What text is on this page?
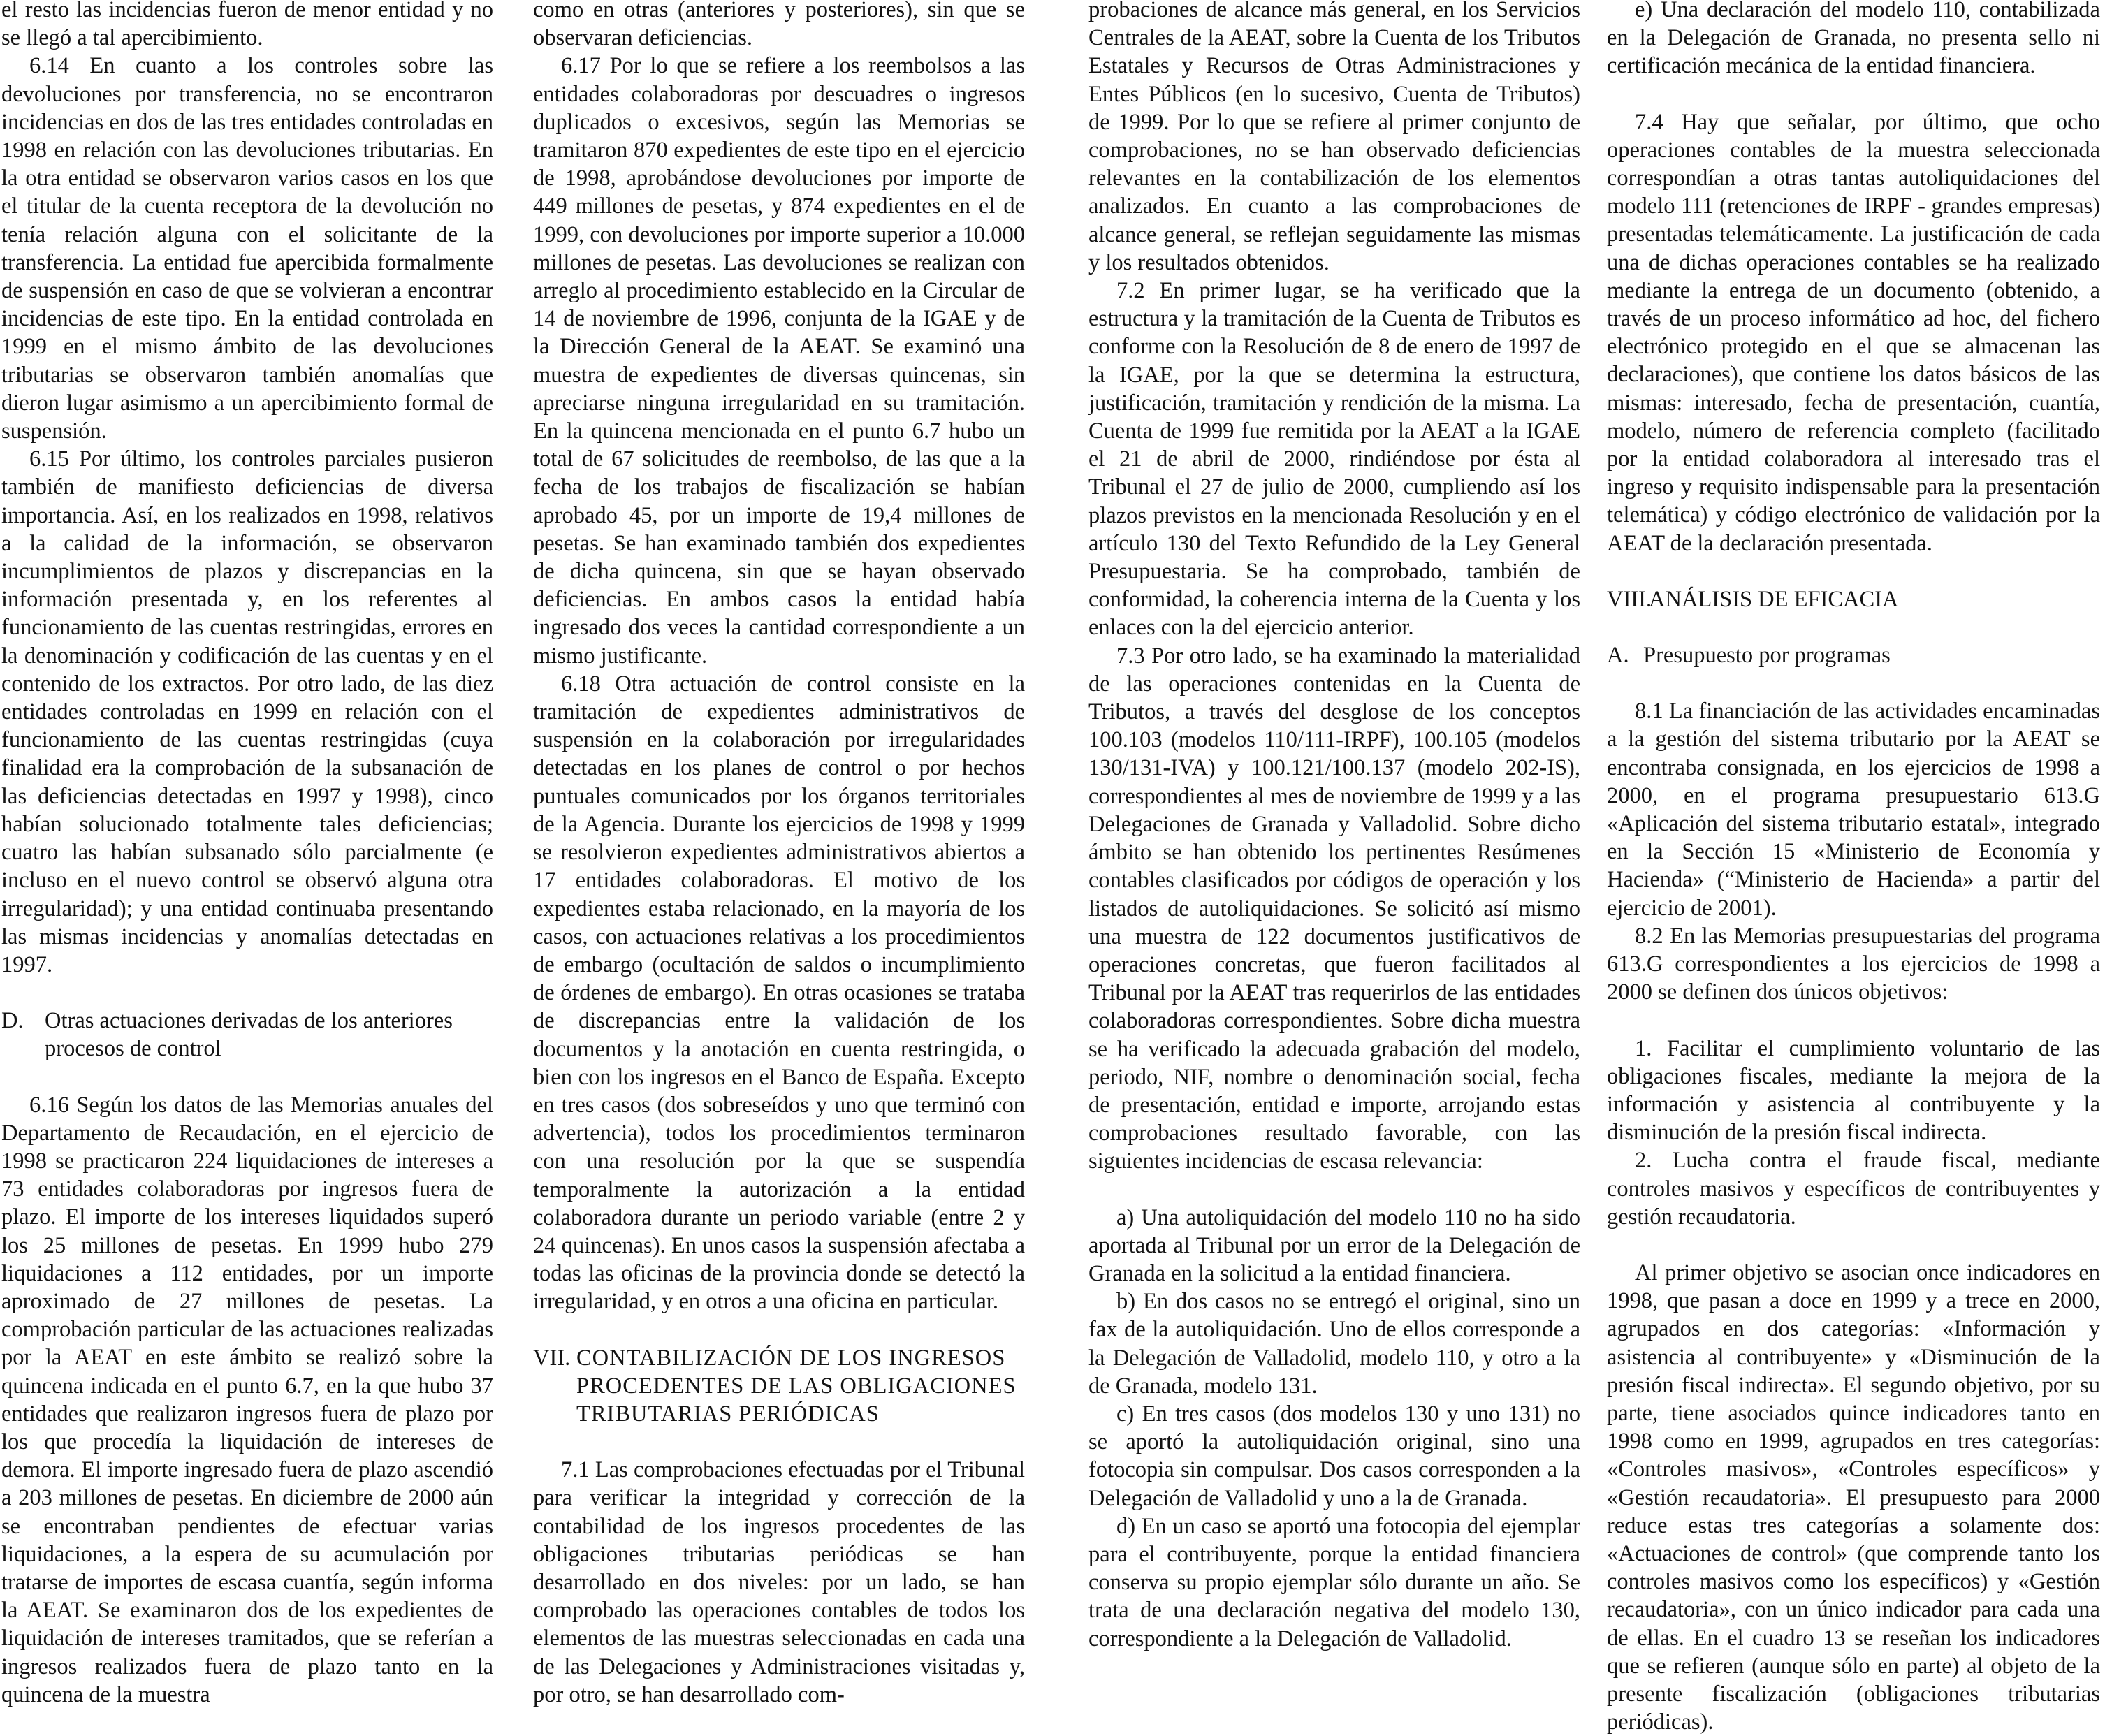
el resto las incidencias fueron de menor entidad y no se llegó a tal apercibimiento.

6.14 En cuanto a los controles sobre las devoluciones por transferencia, no se encontraron incidencias en dos de las tres entidades controladas en 1998 en relación con las devoluciones tributarias. En la otra entidad se observaron varios casos en los que el titular de la cuenta receptora de la devolución no tenía relación alguna con el solicitante de la transferencia. La entidad fue apercibida formalmente de suspensión en caso de que se volvieran a encontrar incidencias de este tipo. En la entidad controlada en 1999 en el mismo ámbito de las devoluciones tributarias se observaron también anomalías que dieron lugar asimismo a un apercibimiento formal de suspensión.

6.15 Por último, los controles parciales pusieron también de manifiesto deficiencias de diversa importancia. Así, en los realizados en 1998, relativos a la calidad de la información, se observaron incumplimientos de plazos y discrepancias en la información presentada y, en los referentes al funcionamiento de las cuentas restringidas, errores en la denominación y codificación de las cuentas y en el contenido de los extractos. Por otro lado, de las diez entidades controladas en 1999 en relación con el funcionamiento de las cuentas restringidas (cuya finalidad era la comprobación de la subsanación de las deficiencias detectadas en 1997 y 1998), cinco habían solucionado totalmente tales deficiencias; cuatro las habían subsanado sólo parcialmente (e incluso en el nuevo control se observó alguna otra irregularidad); y una entidad continuaba presentando las mismas incidencias y anomalías detectadas en 1997.

D. Otras actuaciones derivadas de los anteriores procesos de control

6.16 Según los datos de las Memorias anuales del Departamento de Recaudación, en el ejercicio de 1998 se practicaron 224 liquidaciones de intereses a 73 entidades colaboradoras por ingresos fuera de plazo. El importe de los intereses liquidados superó los 25 millones de pesetas. En 1999 hubo 279 liquidaciones a 112 entidades, por un importe aproximado de 27 millones de pesetas. La comprobación particular de las actuaciones realizadas por la AEAT en este ámbito se realizó sobre la quincena indicada en el punto 6.7, en la que hubo 37 entidades que realizaron ingresos fuera de plazo por los que procedía la liquidación de intereses de demora. El importe ingresado fuera de plazo ascendió a 203 millones de pesetas. En diciembre de 2000 aún se encontraban pendientes de efectuar varias liquidaciones, a la espera de su acumulación por tratarse de importes de escasa cuantía, según informa la AEAT. Se examinaron dos de los expedientes de liquidación de intereses tramitados, que se referían a ingresos realizados fuera de plazo tanto en la quincena de la muestra

como en otras (anteriores y posteriores), sin que se observaran deficiencias.

6.17 Por lo que se refiere a los reembolsos a las entidades colaboradoras por descuadres o ingresos duplicados o excesivos, según las Memorias se tramitaron 870 expedientes de este tipo en el ejercicio de 1998, aprobándose devoluciones por importe de 449 millones de pesetas, y 874 expedientes en el de 1999, con devoluciones por importe superior a 10.000 millones de pesetas. Las devoluciones se realizan con arreglo al procedimiento establecido en la Circular de 14 de noviembre de 1996, conjunta de la IGAE y de la Dirección General de la AEAT. Se examinó una muestra de expedientes de diversas quincenas, sin apreciarse ninguna irregularidad en su tramitación. En la quincena mencionada en el punto 6.7 hubo un total de 67 solicitudes de reembolso, de las que a la fecha de los trabajos de fiscalización se habían aprobado 45, por un importe de 19,4 millones de pesetas. Se han examinado también dos expedientes de dicha quincena, sin que se hayan observado deficiencias. En ambos casos la entidad había ingresado dos veces la cantidad correspondiente a un mismo justificante.

6.18 Otra actuación de control consiste en la tramitación de expedientes administrativos de suspensión en la colaboración por irregularidades detectadas en los planes de control o por hechos puntuales comunicados por los órganos territoriales de la Agencia. Durante los ejercicios de 1998 y 1999 se resolvieron expedientes administrativos abiertos a 17 entidades colaboradoras. El motivo de los expedientes estaba relacionado, en la mayoría de los casos, con actuaciones relativas a los procedimientos de embargo (ocultación de saldos o incumplimiento de órdenes de embargo). En otras ocasiones se trataba de discrepancias entre la validación de los documentos y la anotación en cuenta restringida, o bien con los ingresos en el Banco de España. Excepto en tres casos (dos sobreseídos y uno que terminó con advertencia), todos los procedimientos terminaron con una resolución por la que se suspendía temporalmente la autorización a la entidad colaboradora durante un periodo variable (entre 2 y 24 quincenas). En unos casos la suspensión afectaba a todas las oficinas de la provincia donde se detectó la irregularidad, y en otros a una oficina en particular.

VII. CONTABILIZACIÓN DE LOS INGRESOS PROCEDENTES DE LAS OBLIGACIONES TRIBUTARIAS PERIÓDICAS

7.1 Las comprobaciones efectuadas por el Tribunal para verificar la integridad y corrección de la contabilidad de los ingresos procedentes de las obligaciones tributarias periódicas se han desarrollado en dos niveles: por un lado, se han comprobado las operaciones contables de todos los elementos de las muestras seleccionadas en cada una de las Delegaciones y Administraciones visitadas y, por otro, se han desarrollado com-

probaciones de alcance más general, en los Servicios Centrales de la AEAT, sobre la Cuenta de los Tributos Estatales y Recursos de Otras Administraciones y Entes Públicos (en lo sucesivo, Cuenta de Tributos) de 1999. Por lo que se refiere al primer conjunto de comprobaciones, no se han observado deficiencias relevantes en la contabilización de los elementos analizados. En cuanto a las comprobaciones de alcance general, se reflejan seguidamente las mismas y los resultados obtenidos.

7.2 En primer lugar, se ha verificado que la estructura y la tramitación de la Cuenta de Tributos es conforme con la Resolución de 8 de enero de 1997 de la IGAE, por la que se determina la estructura, justificación, tramitación y rendición de la misma. La Cuenta de 1999 fue remitida por la AEAT a la IGAE el 21 de abril de 2000, rindiéndose por ésta al Tribunal el 27 de julio de 2000, cumpliendo así los plazos previstos en la mencionada Resolución y en el artículo 130 del Texto Refundido de la Ley General Presupuestaria. Se ha comprobado, también de conformidad, la coherencia interna de la Cuenta y los enlaces con la del ejercicio anterior.

7.3 Por otro lado, se ha examinado la materialidad de las operaciones contenidas en la Cuenta de Tributos, a través del desglose de los conceptos 100.103 (modelos 110/111-IRPF), 100.105 (modelos 130/131-IVA) y 100.121/100.137 (modelo 202-IS), correspondientes al mes de noviembre de 1999 y a las Delegaciones de Granada y Valladolid. Sobre dicho ámbito se han obtenido los pertinentes Resúmenes contables clasificados por códigos de operación y los listados de autoliquidaciones. Se solicitó así mismo una muestra de 122 documentos justificativos de operaciones concretas, que fueron facilitados al Tribunal por la AEAT tras requerirlos de las entidades colaboradoras correspondientes. Sobre dicha muestra se ha verificado la adecuada grabación del modelo, periodo, NIF, nombre o denominación social, fecha de presentación, entidad e importe, arrojando estas comprobaciones resultado favorable, con las siguientes incidencias de escasa relevancia:

a) Una autoliquidación del modelo 110 no ha sido aportada al Tribunal por un error de la Delegación de Granada en la solicitud a la entidad financiera.

b) En dos casos no se entregó el original, sino un fax de la autoliquidación. Uno de ellos corresponde a la Delegación de Valladolid, modelo 110, y otro a la de Granada, modelo 131.

c) En tres casos (dos modelos 130 y uno 131) no se aportó la autoliquidación original, sino una fotocopia sin compulsar. Dos casos corresponden a la Delegación de Valladolid y uno a la de Granada.

d) En un caso se aportó una fotocopia del ejemplar para el contribuyente, porque la entidad financiera conserva su propio ejemplar sólo durante un año. Se trata de una declaración negativa del modelo 130, correspondiente a la Delegación de Valladolid.

e) Una declaración del modelo 110, contabilizada en la Delegación de Granada, no presenta sello ni certificación mecánica de la entidad financiera.

7.4 Hay que señalar, por último, que ocho operaciones contables de la muestra seleccionada correspondían a otras tantas autoliquidaciones del modelo 111 (retenciones de IRPF - grandes empresas) presentadas telemáticamente. La justificación de cada una de dichas operaciones contables se ha realizado mediante la entrega de un documento (obtenido, a través de un proceso informático ad hoc, del fichero electrónico protegido en el que se almacenan las declaraciones), que contiene los datos básicos de las mismas: interesado, fecha de presentación, cuantía, modelo, número de referencia completo (facilitado por la entidad colaboradora al interesado tras el ingreso y requisito indispensable para la presentación telemática) y código electrónico de validación por la AEAT de la declaración presentada.

VIII.
ANÁLISIS DE EFICACIA
A. Presupuesto por programas

8.1 La financiación de las actividades encaminadas a la gestión del sistema tributario por la AEAT se encontraba consignada, en los ejercicios de 1998 a 2000, en el programa presupuestario 613.G «Aplicación del sistema tributario estatal», integrado en la Sección 15 «Ministerio de Economía y Hacienda» (“Ministerio de Hacienda» a partir del ejercicio de 2001).

8.2 En las Memorias presupuestarias del programa 613.G correspondientes a los ejercicios de 1998 a 2000 se definen dos únicos objetivos:

1. Facilitar el cumplimiento voluntario de las obligaciones fiscales, mediante la mejora de la información y asistencia al contribuyente y la disminución de la presión fiscal indirecta.

2. Lucha contra el fraude fiscal, mediante controles masivos y específicos de contribuyentes y gestión recaudatoria.

Al primer objetivo se asocian once indicadores en 1998, que pasan a doce en 1999 y a trece en 2000, agrupados en dos categorías: «Información y asistencia al contribuyente» y «Disminución de la presión fiscal indirecta». El segundo objetivo, por su parte, tiene asociados quince indicadores tanto en 1998 como en 1999, agrupados en tres categorías: «Controles masivos», «Controles específicos» y «Gestión recaudatoria». El presupuesto para 2000 reduce estas tres categorías a solamente dos: «Actuaciones de control» (que comprende tanto los controles masivos como los específicos) y «Gestión recaudatoria», con un único indicador para cada una de ellas. En el cuadro 13 se reseñan los indicadores que se refieren (aunque sólo en parte) al objeto de la presente fiscalización (obligaciones tributarias periódicas).
